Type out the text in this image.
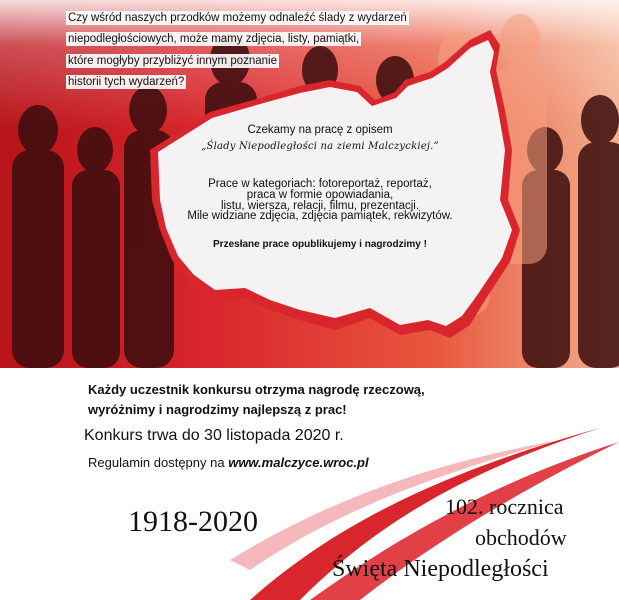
Czy wśród naszych przodków możemy odnaleźć ślady z wydarzeń
niepodległościowych, może mamy zdjęcia, listy, pamiątki,
które mogłyby przybliżyć innym poznanie
historii tych wydarzeń?
Czekamy na pracę z opisem
„Ślady Niepodległości na ziemi Malczyckiej.”
Prace w kategoriach: fotoreportaż, reportaż,
praca w formie opowiadania,
listu, wiersza, relacji, filmu, prezentacji.
Mile widziane zdjęcia, zdjęcia pamiątek, rekwizytów.
Przesłane prace opublikujemy i nagrodzimy !
Każdy uczestnik konkursu otrzyma nagrodę rzeczową,
wyróżnimy i nagrodzimy najlepszą z prac!
Konkurs trwa do 30 listopada 2020 r.
Regulamin dostępny na www.malczyce.wroc.pl
1918-2020	102. rocznica
obchodów
Święta Niepodległości
